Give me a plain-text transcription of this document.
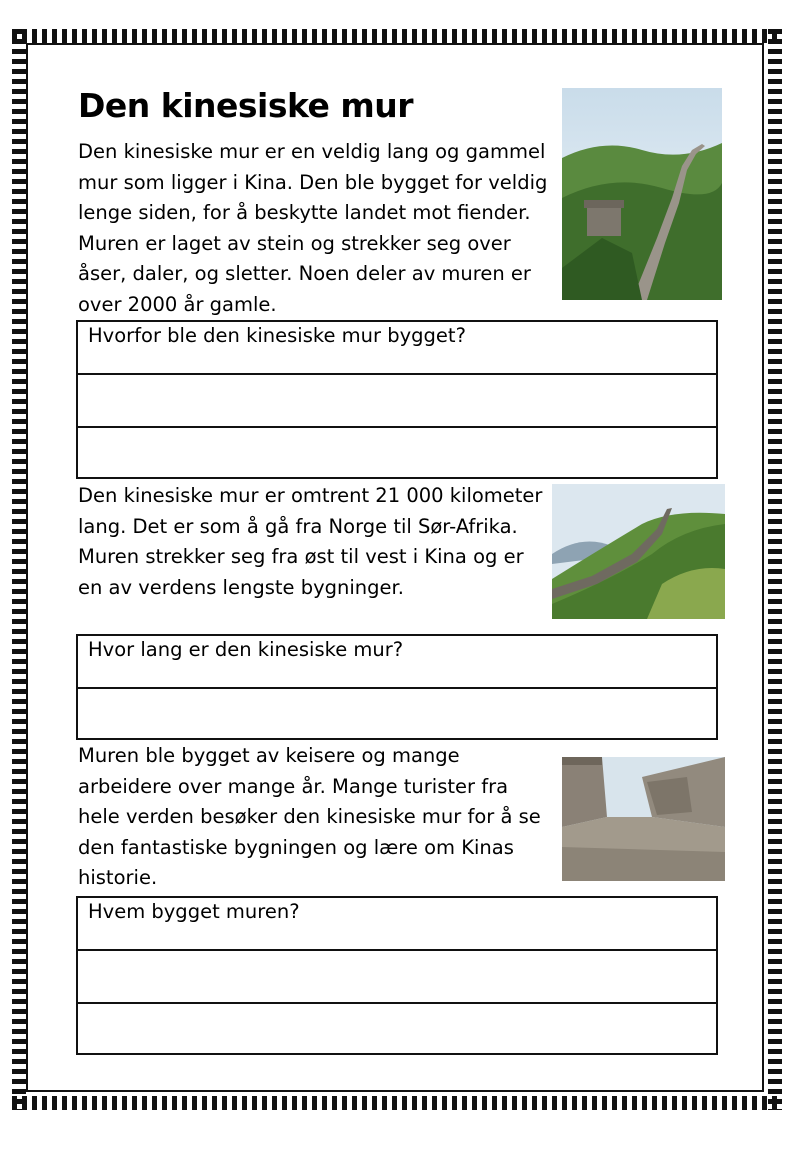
Den kinesiske mur

Den kinesiske mur er en veldig lang og gammel mur som ligger i Kina. Den ble bygget for veldig lenge siden, for å beskytte landet mot fiender. Muren er laget av stein og strekker seg over åser, daler, og sletter. Noen deler av muren er over 2000 år gamle.

Hvorfor ble den kinesiske mur bygget?

Den kinesiske mur er omtrent 21 000 kilometer lang. Det er som å gå fra Norge til Sør-Afrika. Muren strekker seg fra øst til vest i Kina og er en av verdens lengste bygninger.

Hvor lang er den kinesiske mur?

Muren ble bygget av keisere og mange arbeidere over mange år. Mange turister fra hele verden besøker den kinesiske mur for å se den fantastiske bygningen og lære om Kinas historie.

Hvem bygget muren?
